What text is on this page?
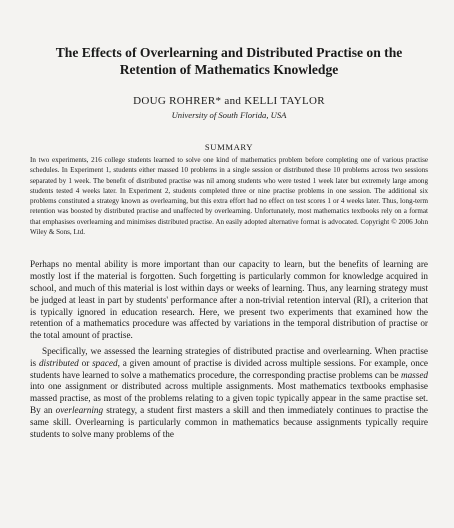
The Effects of Overlearning and Distributed Practise on the Retention of Mathematics Knowledge
DOUG ROHRER* and KELLI TAYLOR
University of South Florida, USA
SUMMARY

In two experiments, 216 college students learned to solve one kind of mathematics problem before completing one of various practise schedules. In Experiment 1, students either massed 10 problems in a single session or distributed these 10 problems across two sessions separated by 1 week. The benefit of distributed practise was nil among students who were tested 1 week later but extremely large among students tested 4 weeks later. In Experiment 2, students completed three or nine practise problems in one session. The additional six problems constituted a strategy known as overlearning, but this extra effort had no effect on test scores 1 or 4 weeks later. Thus, long-term retention was boosted by distributed practise and unaffected by overlearning. Unfortunately, most mathematics textbooks rely on a format that emphasises overlearning and minimises distributed practise. An easily adopted alternative format is advocated. Copyright © 2006 John Wiley & Sons, Ltd.

Perhaps no mental ability is more important than our capacity to learn, but the benefits of learning are mostly lost if the material is forgotten. Such forgetting is particularly common for knowledge acquired in school, and much of this material is lost within days or weeks of learning. Thus, any learning strategy must be judged at least in part by students' performance after a non-trivial retention interval (RI), a criterion that is typically ignored in education research. Here, we present two experiments that examined how the retention of a mathematics procedure was affected by variations in the temporal distribution of practise or the total amount of practise.

Specifically, we assessed the learning strategies of distributed practise and overlearning. When practise is distributed or spaced, a given amount of practise is divided across multiple sessions. For example, once students have learned to solve a mathematics procedure, the corresponding practise problems can be massed into one assignment or distributed across multiple assignments. Most mathematics textbooks emphasise massed practise, as most of the problems relating to a given topic typically appear in the same practise set. By an overlearning strategy, a student first masters a skill and then immediately continues to practise the same skill. Overlearning is particularly common in mathematics because assignments typically require students to solve many problems of the
